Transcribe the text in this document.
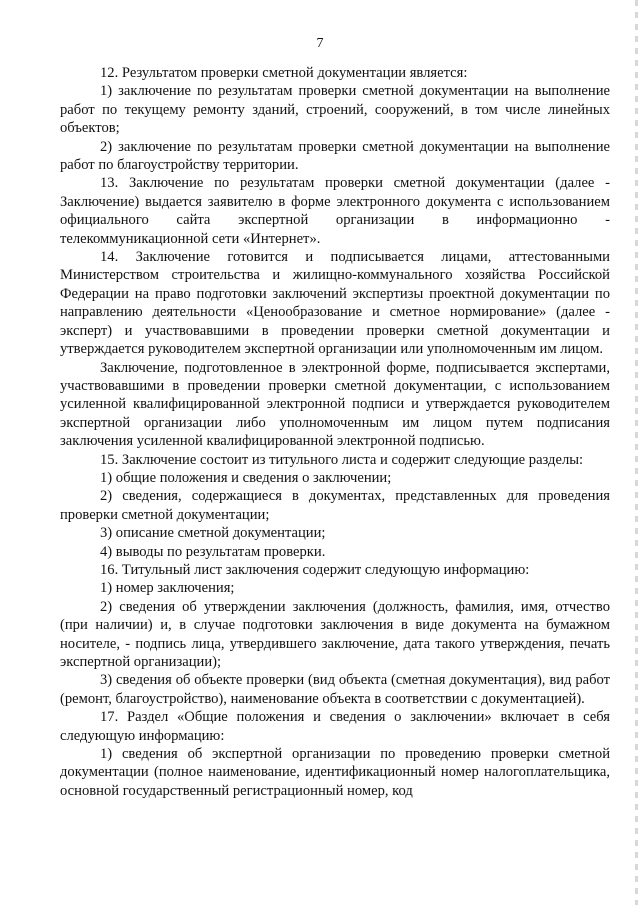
7

12. Результатом проверки сметной документации является:

1) заключение по результатам проверки сметной документации на выполнение работ по текущему ремонту зданий, строений, сооружений, в том числе линейных объектов;

2) заключение по результатам проверки сметной документации на выполнение работ по благоустройству территории.

13. Заключение по результатам проверки сметной документации (далее - Заключение) выдается заявителю в форме электронного документа с использованием официального сайта экспертной организации в информационно - телекоммуникационной сети «Интернет».

14. Заключение готовится и подписывается лицами, аттестованными Министерством строительства и жилищно-коммунального хозяйства Российской Федерации на право подготовки заключений экспертизы проектной документации по направлению деятельности «Ценообразование и сметное нормирование» (далее - эксперт) и участвовавшими в проведении проверки сметной документации и утверждается руководителем экспертной организации или уполномоченным им лицом.

Заключение, подготовленное в электронной форме, подписывается экспертами, участвовавшими в проведении проверки сметной документации, с использованием усиленной квалифицированной электронной подписи и утверждается руководителем экспертной организации либо уполномоченным им лицом путем подписания заключения усиленной квалифицированной электронной подписью.

15. Заключение состоит из титульного листа и содержит следующие разделы:

1) общие положения и сведения о заключении;

2) сведения, содержащиеся в документах, представленных для проведения проверки сметной документации;

3) описание сметной документации;

4) выводы по результатам проверки.

16. Титульный лист заключения содержит следующую информацию:

1) номер заключения;

2) сведения об утверждении заключения (должность, фамилия, имя, отчество (при наличии) и, в случае подготовки заключения в виде документа на бумажном носителе, - подпись лица, утвердившего заключение, дата такого утверждения, печать экспертной организации);

3) сведения об объекте проверки (вид объекта (сметная документация), вид работ (ремонт, благоустройство), наименование объекта в соответствии с документацией).

17. Раздел «Общие положения и сведения о заключении» включает в себя следующую информацию:

1) сведения об экспертной организации по проведению проверки сметной документации (полное наименование, идентификационный номер налогоплательщика, основной государственный регистрационный номер, код
